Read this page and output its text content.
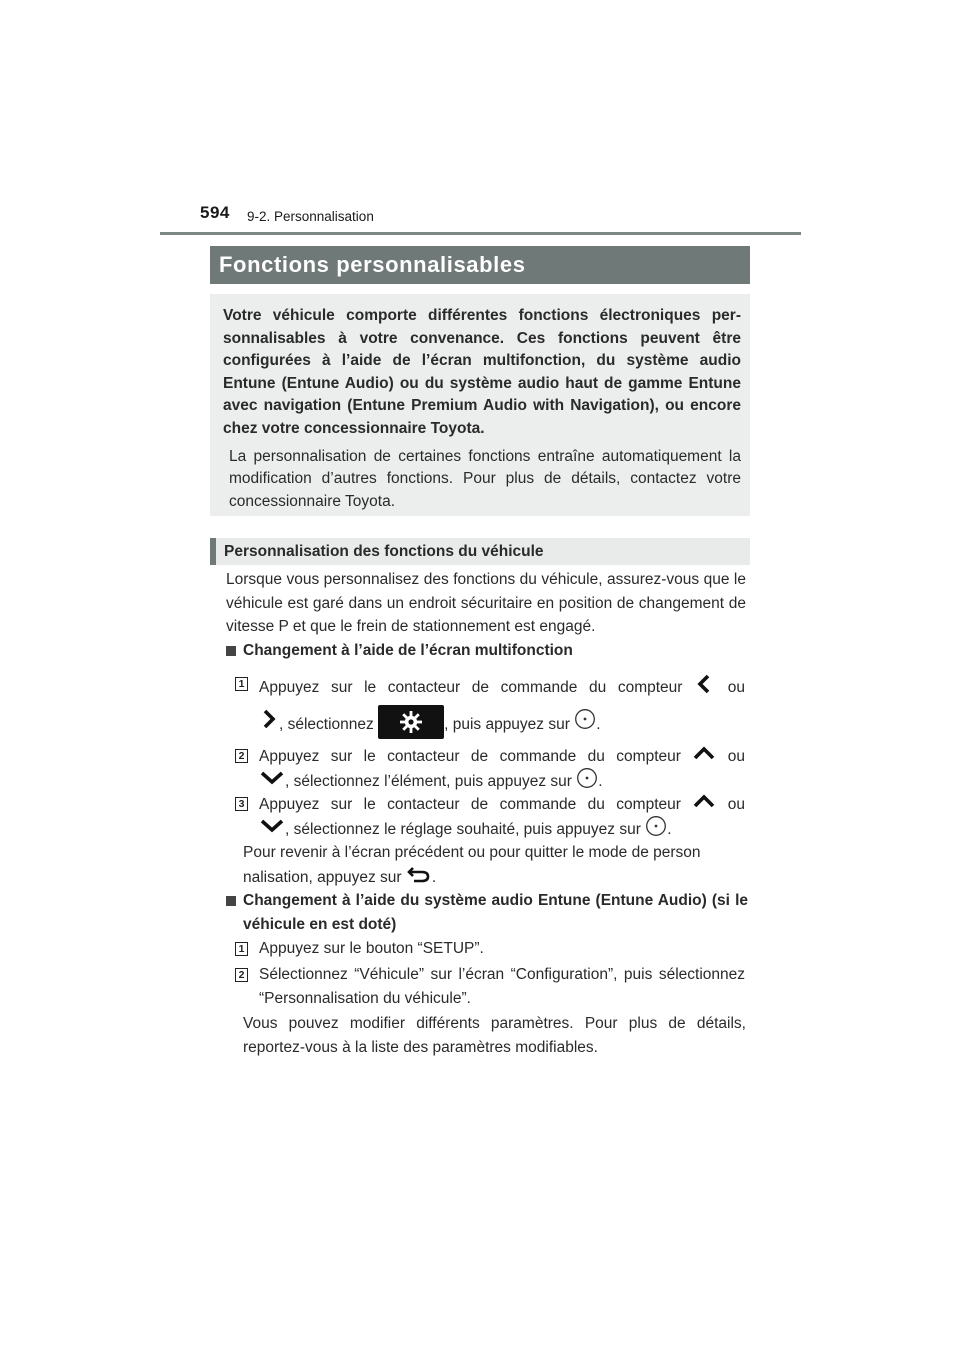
594 9-2. Personnalisation
Fonctions personnalisables

Votre véhicule comporte différentes fonctions électroniques personnalisables à votre convenance. Ces fonctions peuvent être configurées à l’aide de l’écran multifonction, du système audio Entune (Entune Audio) ou du système audio haut de gamme Entune avec navigation (Entune Premium Audio with Navigation), ou encore chez votre concessionnaire Toyota.

La personnalisation de certaines fonctions entraîne automatiquement la modification d’autres fonctions. Pour plus de détails, contactez votre concessionnaire Toyota.

Personnalisation des fonctions du véhicule
Lorsque vous personnalisez des fonctions du véhicule, assurez-vous que le véhicule est garé dans un endroit sécuritaire en position de changement de vitesse P et que le frein de stationnement est engagé.
Changement à l’aide de l’écran multifonction
1 Appuyez sur le contacteur de commande du compteur	ou
, sélectionnez	, puis appuyez sur .
2 Appuyez sur le contacteur de commande du compteur	ou
, sélectionnez l’élément, puis appuyez sur .
3 Appuyez sur le contacteur de commande du compteur	ou
, sélectionnez le réglage souhaité, puis appuyez sur .
Pour revenir à l’écran précédent ou pour quitter le mode de person
nalisation, appuyez sur .
Changement à l’aide du système audio Entune (Entune Audio) (si le véhicule en est doté)
1 Appuyez sur le bouton “SETUP”.
2 Sélectionnez “Véhicule” sur l’écran “Configuration”, puis sélectionnez “Personnalisation du véhicule”.
Vous pouvez modifier différents paramètres. Pour plus de détails, reportez-vous à la liste des paramètres modifiables.
